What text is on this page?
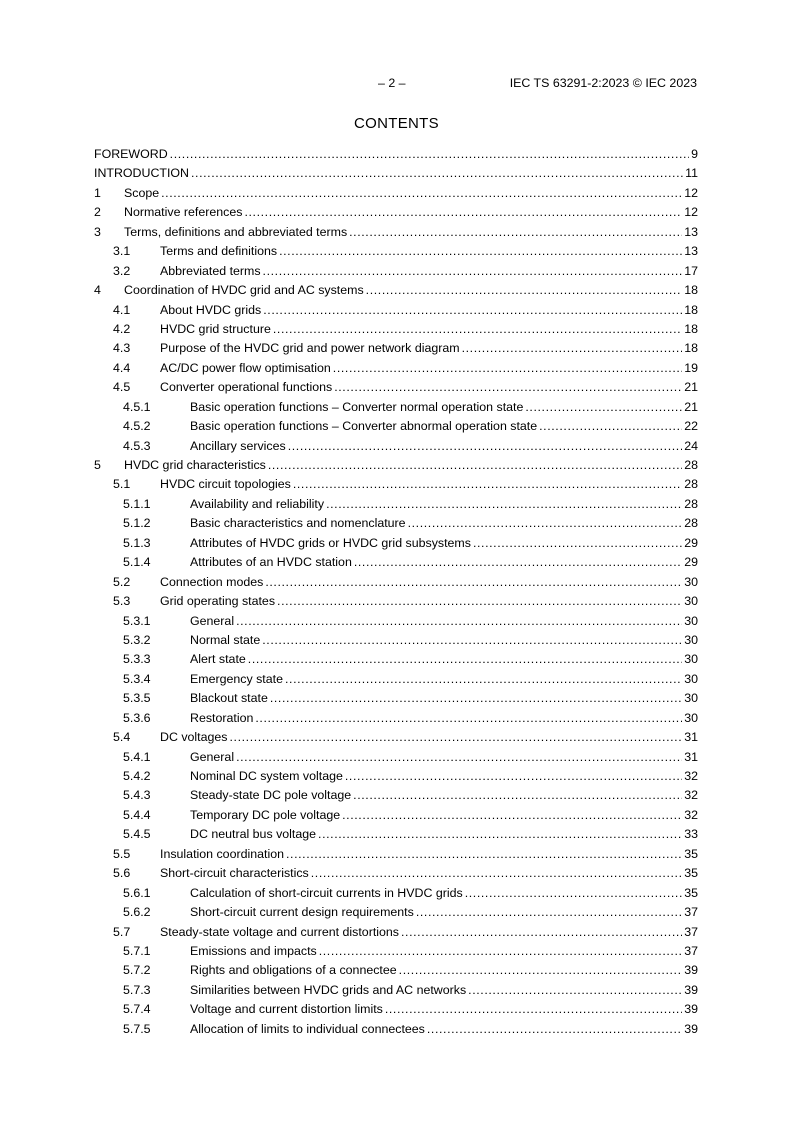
– 2 –	IEC TS 63291-2:2023 © IEC 2023
CONTENTS
FOREWORD .....	9
INTRODUCTION .....	11
1 Scope .....	12
2 Normative references .....	12
3 Terms, definitions and abbreviated terms .....	13
3.1 Terms and definitions .....	13
3.2 Abbreviated terms .....	17
4 Coordination of HVDC grid and AC systems .....	18
4.1 About HVDC grids .....	18
4.2 HVDC grid structure .....	18
4.3 Purpose of the HVDC grid and power network diagram .....	18
4.4 AC/DC power flow optimisation .....	19
4.5 Converter operational functions .....	21
4.5.1	Basic operation functions – Converter normal operation state .....	21
4.5.2	Basic operation functions – Converter abnormal operation state .....	22
4.5.3	Ancillary services .....	24
5 HVDC grid characteristics .....	28
5.1 HVDC circuit topologies .....	28
5.1.1	Availability and reliability .....	28
5.1.2	Basic characteristics and nomenclature .....	28
5.1.3	Attributes of HVDC grids or HVDC grid subsystems .....	29
5.1.4	Attributes of an HVDC station .....	29
5.2 Connection modes .....	30
5.3 Grid operating states .....	30
5.3.1	General .....	30
5.3.2	Normal state .....	30
5.3.3	Alert state .....	30
5.3.4	Emergency state .....	30
5.3.5	Blackout state .....	30
5.3.6	Restoration .....	30
5.4 DC voltages .....	31
5.4.1	General .....	31
5.4.2	Nominal DC system voltage .....	32
5.4.3	Steady-state DC pole voltage .....	32
5.4.4	Temporary DC pole voltage .....	32
5.4.5	DC neutral bus voltage .....	33
5.5 Insulation coordination .....	35
5.6 Short-circuit characteristics .....	35
5.6.1	Calculation of short-circuit currents in HVDC grids .....	35
5.6.2	Short-circuit current design requirements .....	37
5.7 Steady-state voltage and current distortions .....	37
5.7.1	Emissions and impacts .....	37
5.7.2	Rights and obligations of a connectee .....	39
5.7.3	Similarities between HVDC grids and AC networks .....	39
5.7.4	Voltage and current distortion limits .....	39
5.7.5	Allocation of limits to individual connectees .....	39
